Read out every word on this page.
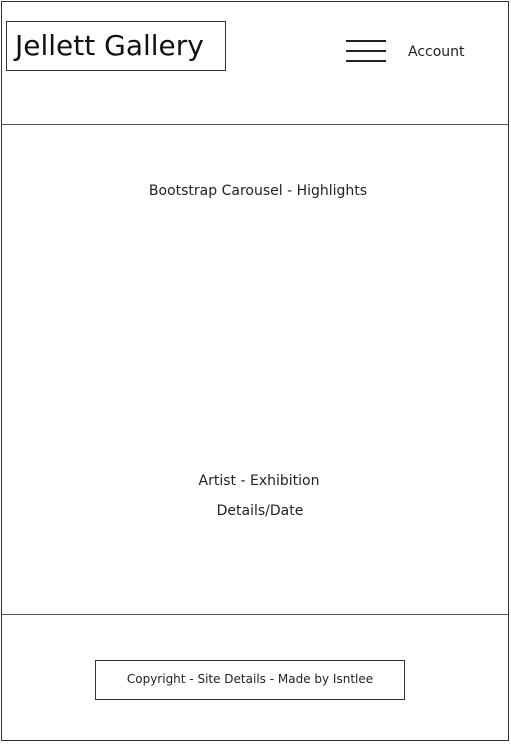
Jellett Gallery	Account
Bootstrap Carousel - Highlights
Artist - Exhibition
Details/Date
Copyright - Site Details - Made by Isntlee
